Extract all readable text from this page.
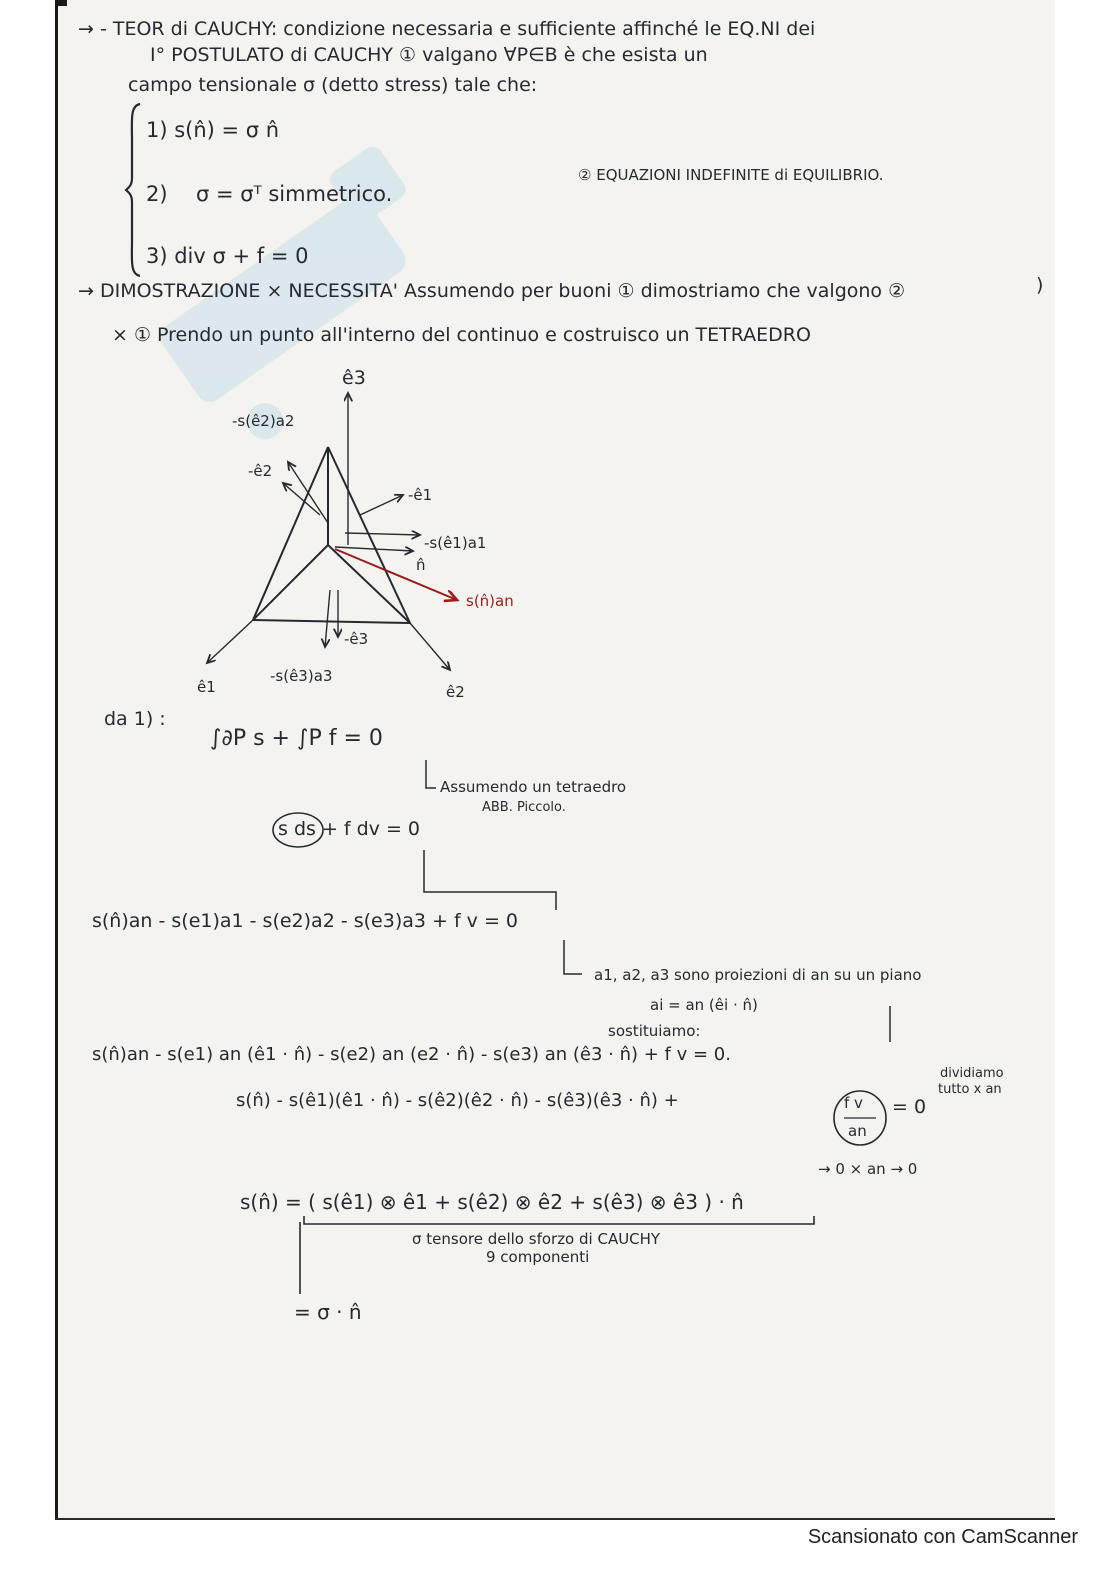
→ - TEOR di CAUCHY: condizione necessaria e sufficiente affinché le EQ.NI dei
I° POSTULATO di CAUCHY ① valgano ∀P∈B è che esista un
campo tensionale σ (detto stress) tale che:
1) s(n̂) = σ n̂
2) σ = σᵀ simmetrico.
② EQUAZIONI INDEFINITE di EQUILIBRIO.
3) div σ + f = 0
→ DIMOSTRAZIONE × NECESSITA' Assumendo per buoni ① dimostriamo che valgono ②	)
× ① Prendo un punto all'interno del continuo e costruisco un TETRAEDRO
ê3
-s(ê2)a2
-ê2
-ê1
-s(ê1)a1
n̂
s(n̂)an
-ê3
-s(ê3)a3
ê1	ê2
da 1) :
∫∂P s + ∫P f = 0
Assumendo un tetraedro
ABB. Piccolo.
s ds + f dv = 0
s(n̂)an - s(e1)a1 - s(e2)a2 - s(e3)a3 + f v = 0
a1, a2, a3 sono proiezioni di an su un piano
ai = an (êi · n̂)
sostituiamo:
s(n̂)an - s(e1) an (ê1 · n̂) - s(e2) an (e2 · n̂) - s(e3) an (ê3 · n̂) + f v = 0.
dividiamo
tutto x an
s(n̂) - s(ê1)(ê1 · n̂) - s(ê2)(ê2 · n̂) - s(ê3)(ê3 · n̂) +	f v
an
= 0
→ 0 × an → 0
s(n̂) = ( s(ê1) ⊗ ê1 + s(ê2) ⊗ ê2 + s(ê3) ⊗ ê3 ) · n̂
σ tensore dello sforzo di CAUCHY
9 componenti
= σ · n̂
Scansionato con CamScanner
